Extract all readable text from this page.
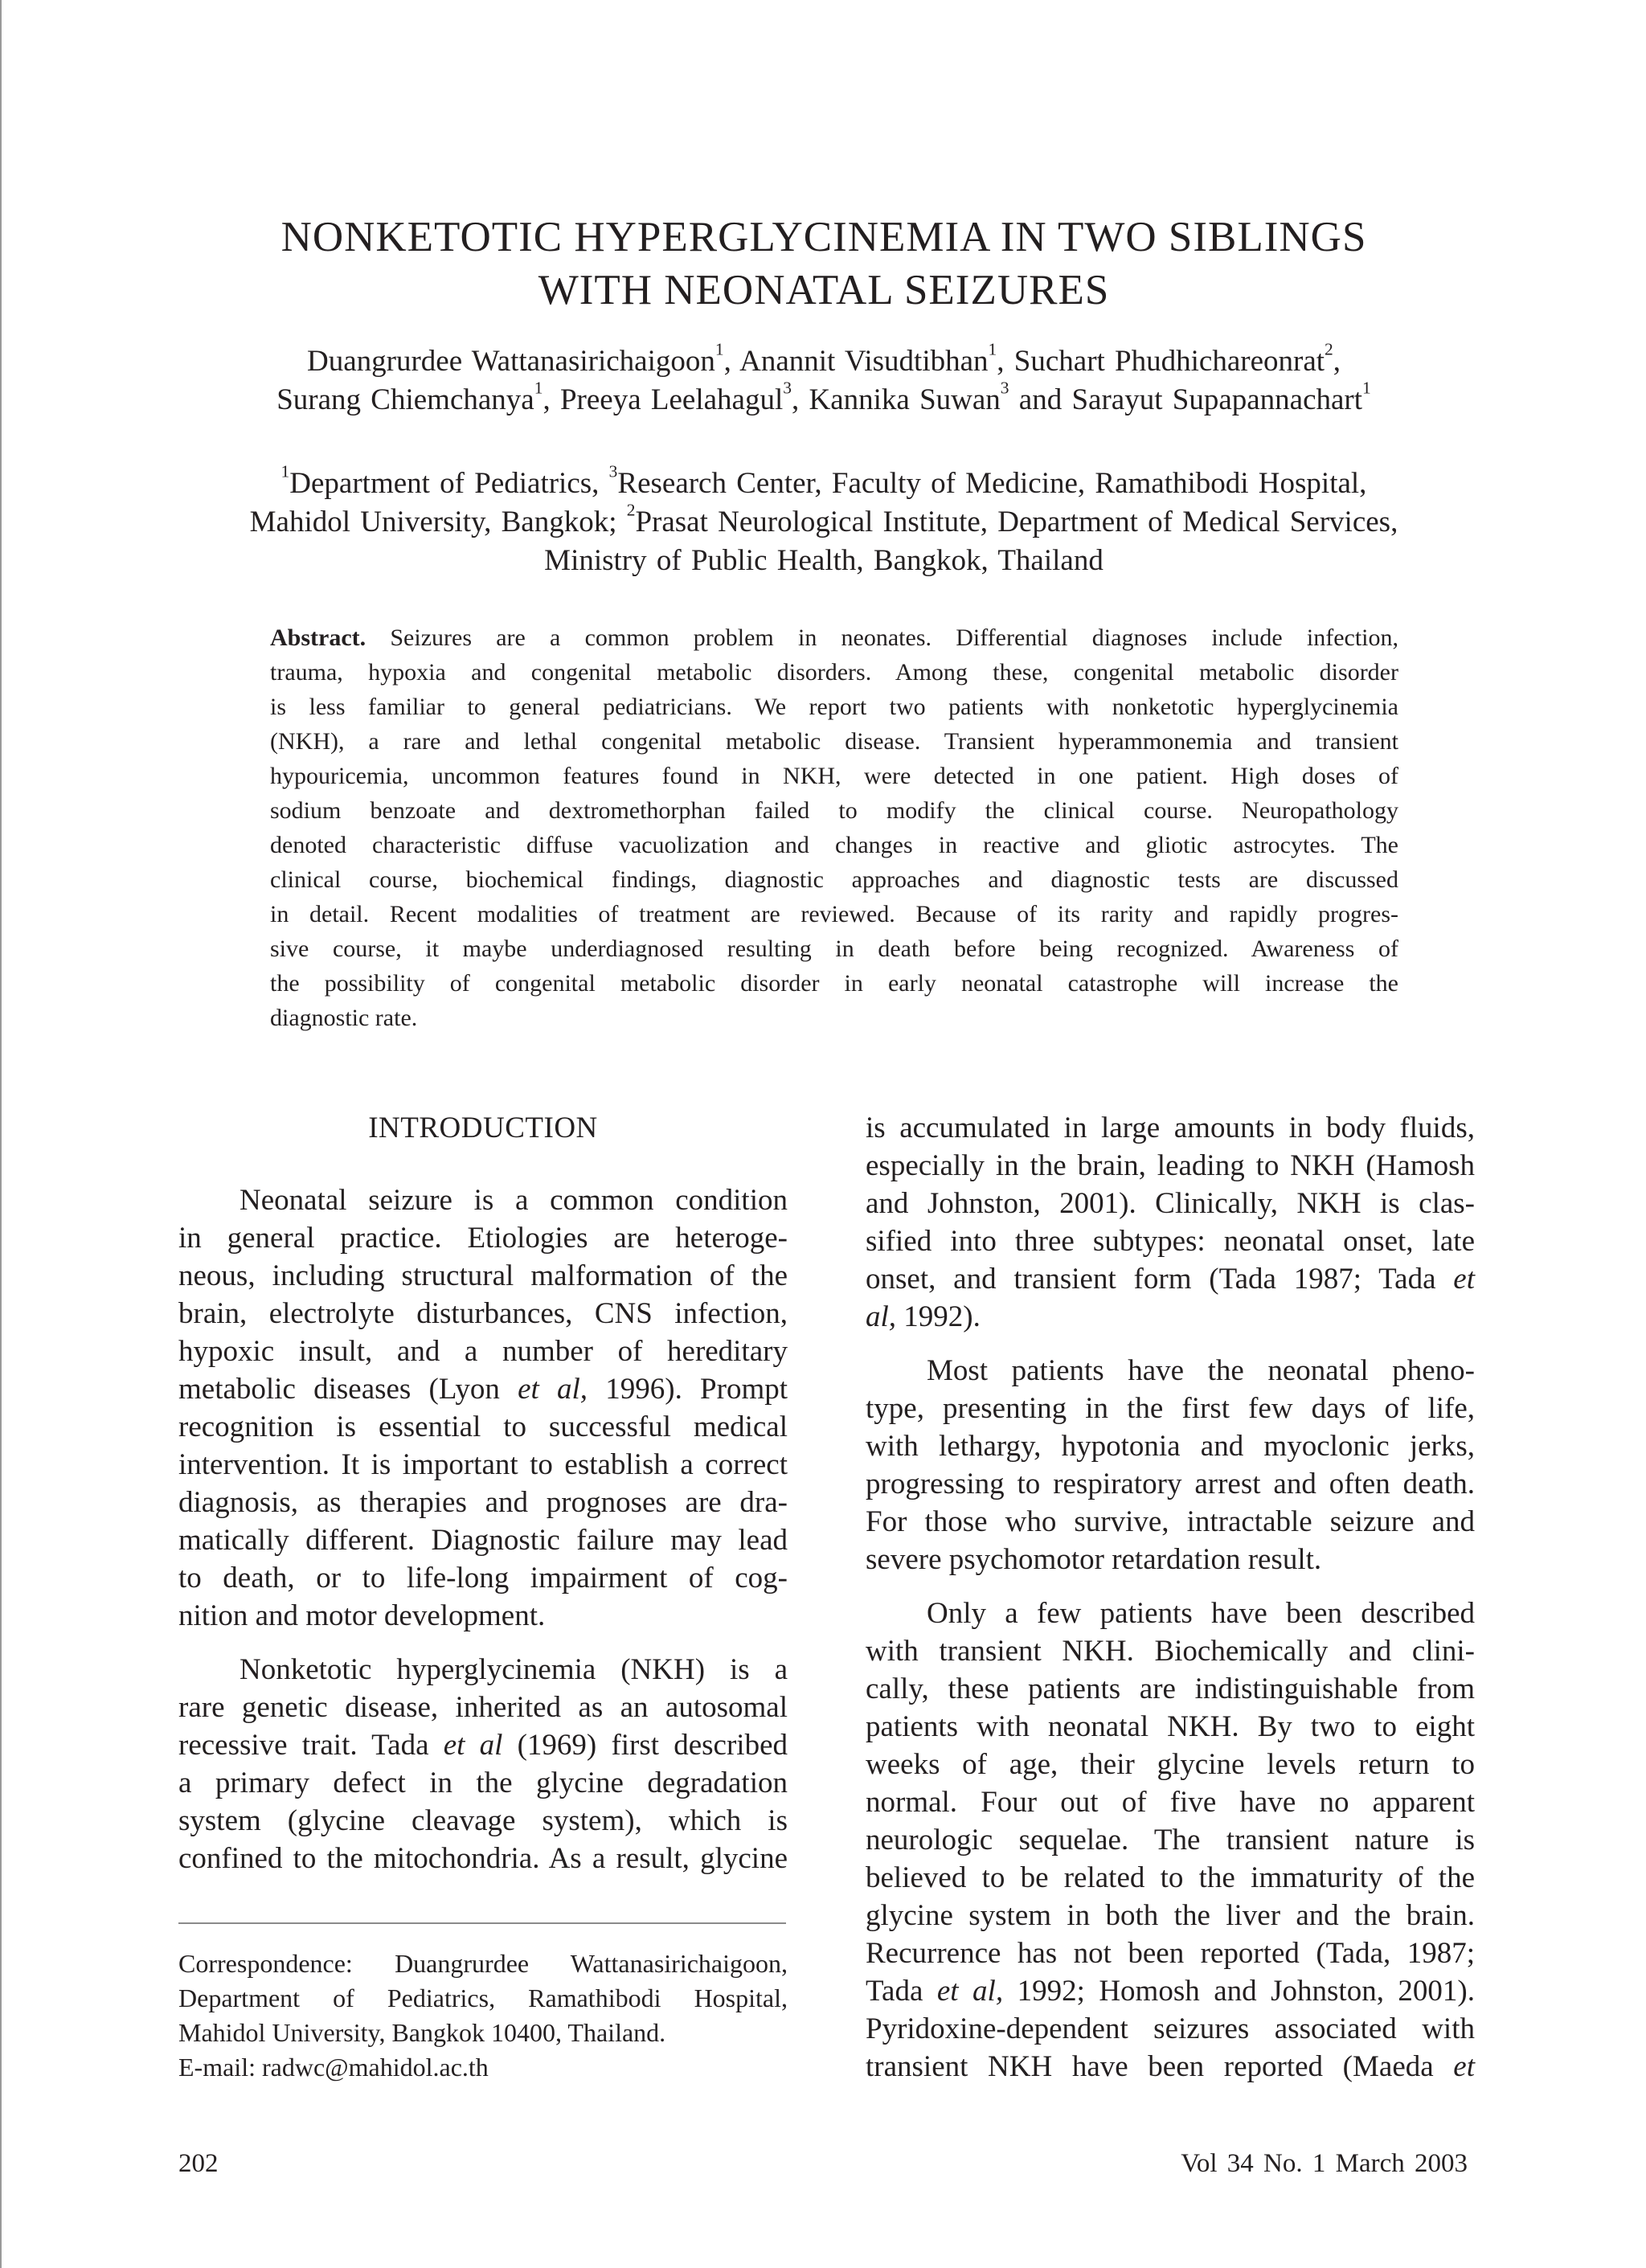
NONKETOTIC HYPERGLYCINEMIA IN TWO SIBLINGS
WITH NEONATAL SEIZURES
Duangrurdee Wattanasirichaigoon$^1$, Anannit Visudtibhan$^1$, Suchart Phudhichareonrat$^2$,
Surang Chiemchanya$^1$, Preeya Leelahagul$^3$, Kannika Suwan$^3$ and Sarayut Supapannachart$^1$
$^1$Department of Pediatrics, $^3$Research Center, Faculty of Medicine, Ramathibodi Hospital,
Mahidol University, Bangkok; $^2$Prasat Neurological Institute, Department of Medical Services,
Ministry of Public Health, Bangkok, Thailand
Abstract. Seizures are a common problem in neonates. Differential diagnoses include infection,
trauma, hypoxia and congenital metabolic disorders. Among these, congenital metabolic disorder
is less familiar to general pediatricians. We report two patients with nonketotic hyperglycinemia
(NKH), a rare and lethal congenital metabolic disease. Transient hyperammonemia and transient
hypouricemia, uncommon features found in NKH, were detected in one patient. High doses of
sodium benzoate and dextromethorphan failed to modify the clinical course. Neuropathology
denoted characteristic diffuse vacuolization and changes in reactive and gliotic astrocytes. The
clinical course, biochemical findings, diagnostic approaches and diagnostic tests are discussed
in detail. Recent modalities of treatment are reviewed. Because of its rarity and rapidly progres-
sive course, it maybe underdiagnosed resulting in death before being recognized. Awareness of
the possibility of congenital metabolic disorder in early neonatal catastrophe will increase the
diagnostic rate.
INTRODUCTION
Neonatal seizure is a common condition
in general practice. Etiologies are heteroge-
neous, including structural malformation of the
brain, electrolyte disturbances, CNS infection,
hypoxic insult, and a number of hereditary
metabolic diseases (Lyon et al, 1996). Prompt
recognition is essential to successful medical
intervention. It is important to establish a correct
diagnosis, as therapies and prognoses are dra-
matically different. Diagnostic failure may lead
to death, or to life-long impairment of cog-
nition and motor development.
Nonketotic hyperglycinemia (NKH) is a
rare genetic disease, inherited as an autosomal
recessive trait. Tada et al (1969) first described
a primary defect in the glycine degradation
system (glycine cleavage system), which is
confined to the mitochondria. As a result, glycine
is accumulated in large amounts in body fluids,
especially in the brain, leading to NKH (Hamosh
and Johnston, 2001). Clinically, NKH is clas-
sified into three subtypes: neonatal onset, late
onset, and transient form (Tada 1987; Tada et
al, 1992).
Most patients have the neonatal pheno-
type, presenting in the first few days of life,
with lethargy, hypotonia and myoclonic jerks,
progressing to respiratory arrest and often death.
For those who survive, intractable seizure and
severe psychomotor retardation result.
Only a few patients have been described
with transient NKH. Biochemically and clini-
cally, these patients are indistinguishable from
patients with neonatal NKH. By two to eight
weeks of age, their glycine levels return to
normal. Four out of five have no apparent
neurologic sequelae. The transient nature is
believed to be related to the immaturity of the
glycine system in both the liver and the brain.
Recurrence has not been reported (Tada, 1987;
Tada et al, 1992; Homosh and Johnston, 2001).
Pyridoxine-dependent seizures associated with
transient NKH have been reported (Maeda et
Correspondence: Duangrurdee Wattanasirichaigoon,
Department of Pediatrics, Ramathibodi Hospital,
Mahidol University, Bangkok 10400, Thailand.
E-mail: radwc@mahidol.ac.th
202	Vol 34 No. 1 March 2003
